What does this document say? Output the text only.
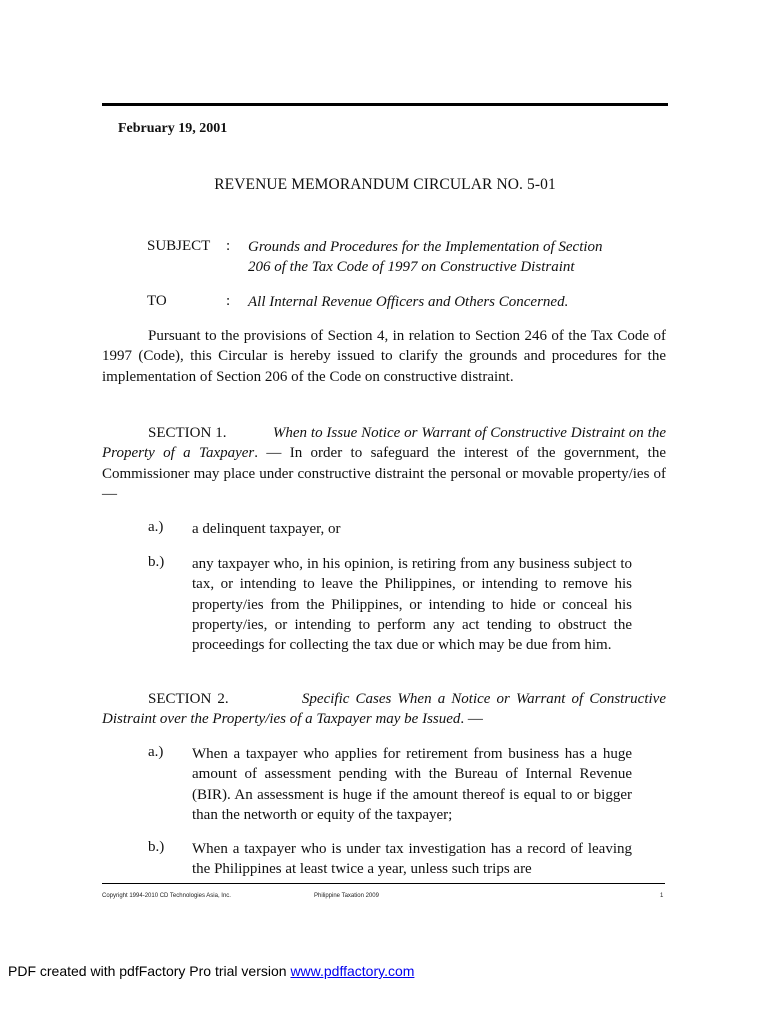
February 19, 2001
REVENUE MEMORANDUM CIRCULAR NO. 5-01
SUBJECT : Grounds and Procedures for the Implementation of Section
206 of the Tax Code of 1997 on Constructive Distraint
TO	: All Internal Revenue Officers and Others Concerned.
Pursuant to the provisions of Section 4, in relation to Section 246 of the Tax Code of 1997 (Code), this Circular is hereby issued to clarify the grounds and procedures for the implementation of Section 206 of the Code on constructive distraint.
SECTION 1.	When to Issue Notice or Warrant of Constructive Distraint on the Property of a Taxpayer. — In order to safeguard the interest of the government, the Commissioner may place under constructive distraint the personal or movable property/ies of —
a.) a delinquent taxpayer, or
b.) any taxpayer who, in his opinion, is retiring from any business subject to tax, or intending to leave the Philippines, or intending to remove his property/ies from the Philippines, or intending to hide or conceal his property/ies, or intending to perform any act tending to obstruct the proceedings for collecting the tax due or which may be due from him.
SECTION 2.	Specific Cases When a Notice or Warrant of Constructive Distraint over the Property/ies of a Taxpayer may be Issued. —
a.) When a taxpayer who applies for retirement from business has a huge amount of assessment pending with the Bureau of Internal Revenue (BIR). An assessment is huge if the amount thereof is equal to or bigger than the networth or equity of the taxpayer;
b.) When a taxpayer who is under tax investigation has a record of leaving the Philippines at least twice a year, unless such trips are
Copyright 1994-2010 CD Technologies Asia, Inc.	Philippine Taxation 2009	1
PDF created with pdfFactory Pro trial version www.pdffactory.com
